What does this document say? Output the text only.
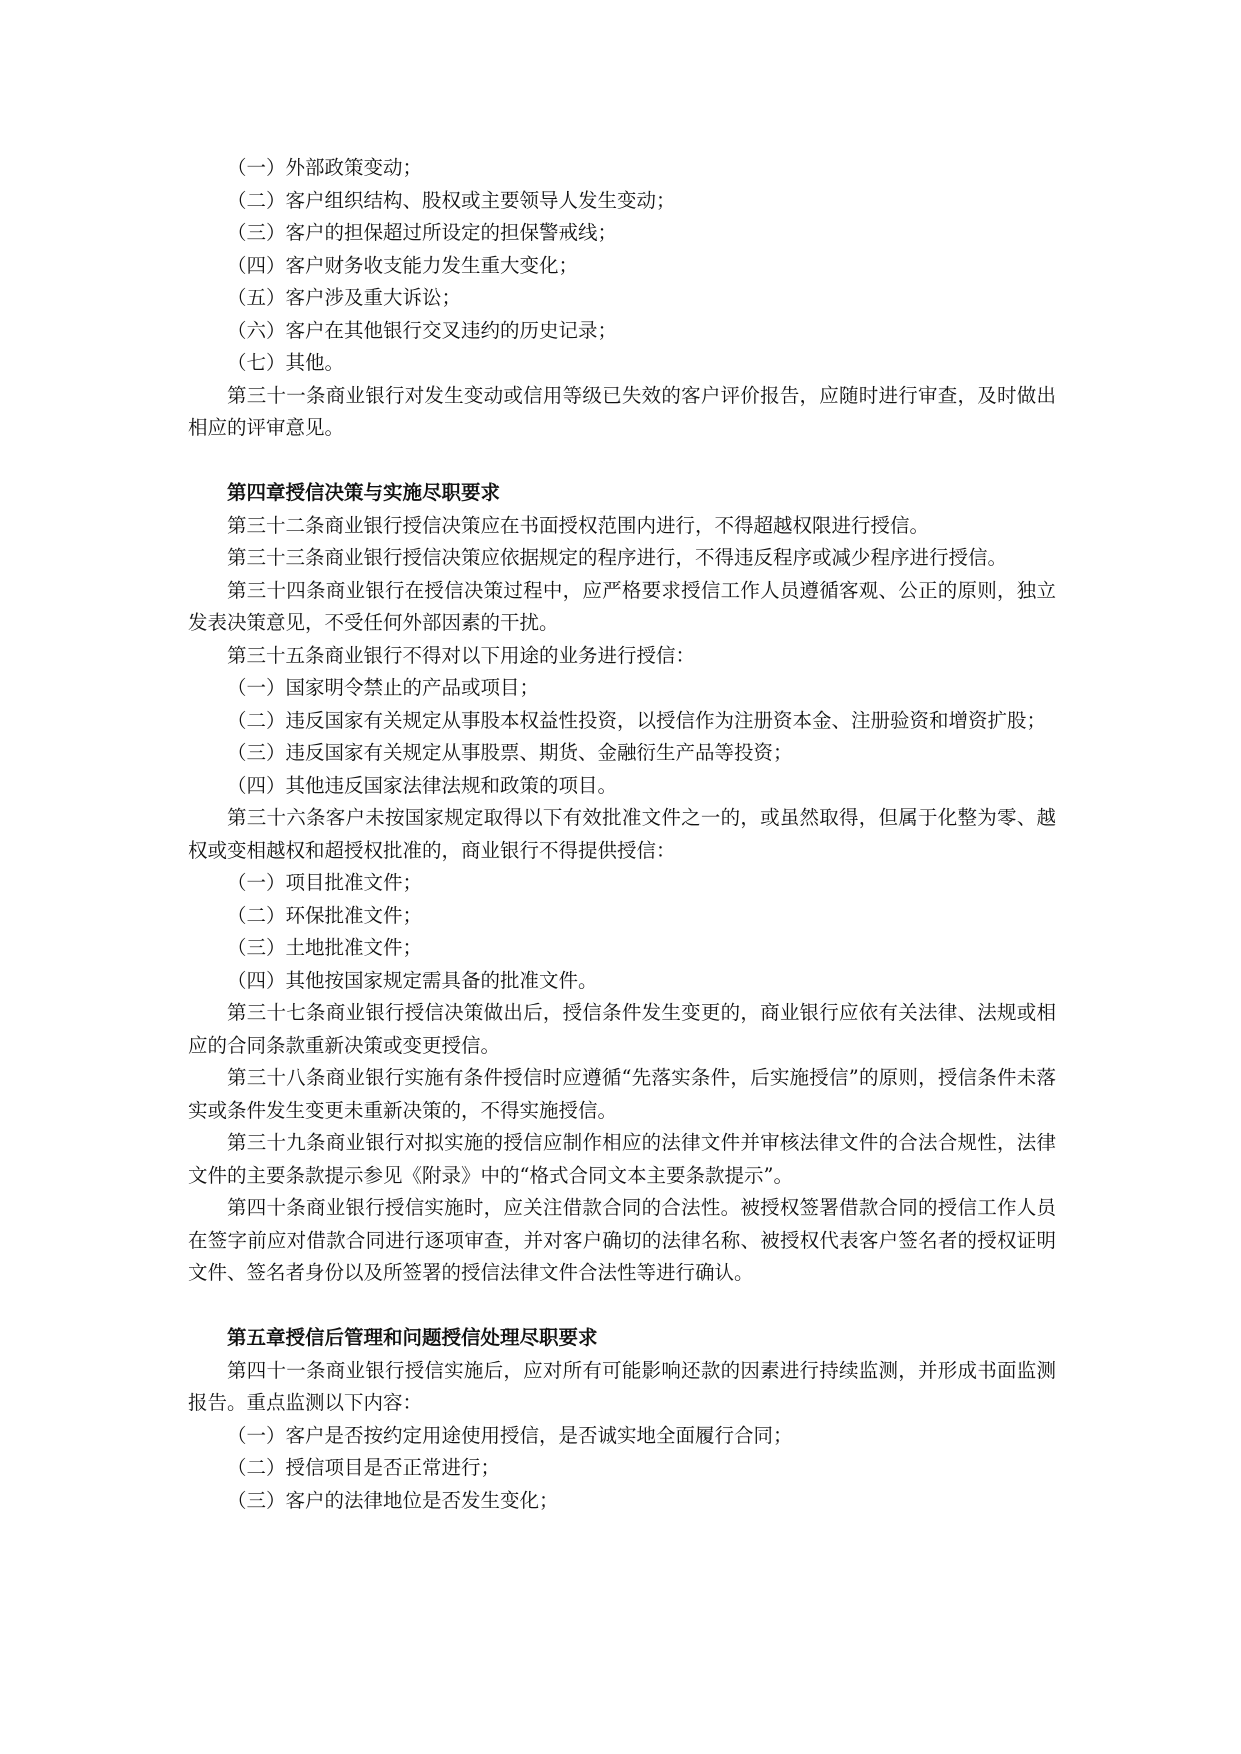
（一）外部政策变动；

（二）客户组织结构、股权或主要领导人发生变动；

（三）客户的担保超过所设定的担保警戒线；

（四）客户财务收支能力发生重大变化；

（五）客户涉及重大诉讼；

（六）客户在其他银行交叉违约的历史记录；

（七）其他。

第三十一条商业银行对发生变动或信用等级已失效的客户评价报告，应随时进行审查，及时做出相应的评审意见。

第四章授信决策与实施尽职要求

第三十二条商业银行授信决策应在书面授权范围内进行，不得超越权限进行授信。

第三十三条商业银行授信决策应依据规定的程序进行，不得违反程序或减少程序进行授信。

第三十四条商业银行在授信决策过程中，应严格要求授信工作人员遵循客观、公正的原则，独立发表决策意见，不受任何外部因素的干扰。

第三十五条商业银行不得对以下用途的业务进行授信：

（一）国家明令禁止的产品或项目；

（二）违反国家有关规定从事股本权益性投资，以授信作为注册资本金、注册验资和增资扩股；

（三）违反国家有关规定从事股票、期货、金融衍生产品等投资；

（四）其他违反国家法律法规和政策的项目。

第三十六条客户未按国家规定取得以下有效批准文件之一的，或虽然取得，但属于化整为零、越权或变相越权和超授权批准的，商业银行不得提供授信：

（一）项目批准文件；

（二）环保批准文件；

（三）土地批准文件；

（四）其他按国家规定需具备的批准文件。

第三十七条商业银行授信决策做出后，授信条件发生变更的，商业银行应依有关法律、法规或相应的合同条款重新决策或变更授信。

第三十八条商业银行实施有条件授信时应遵循“先落实条件，后实施授信”的原则，授信条件未落实或条件发生变更未重新决策的，不得实施授信。

第三十九条商业银行对拟实施的授信应制作相应的法律文件并审核法律文件的合法合规性，法律文件的主要条款提示参见《附录》中的“格式合同文本主要条款提示”。

第四十条商业银行授信实施时，应关注借款合同的合法性。被授权签署借款合同的授信工作人员在签字前应对借款合同进行逐项审查，并对客户确切的法律名称、被授权代表客户签名者的授权证明文件、签名者身份以及所签署的授信法律文件合法性等进行确认。

第五章授信后管理和问题授信处理尽职要求

第四十一条商业银行授信实施后，应对所有可能影响还款的因素进行持续监测，并形成书面监测报告。重点监测以下内容：

（一）客户是否按约定用途使用授信，是否诚实地全面履行合同；

（二）授信项目是否正常进行；

（三）客户的法律地位是否发生变化；
